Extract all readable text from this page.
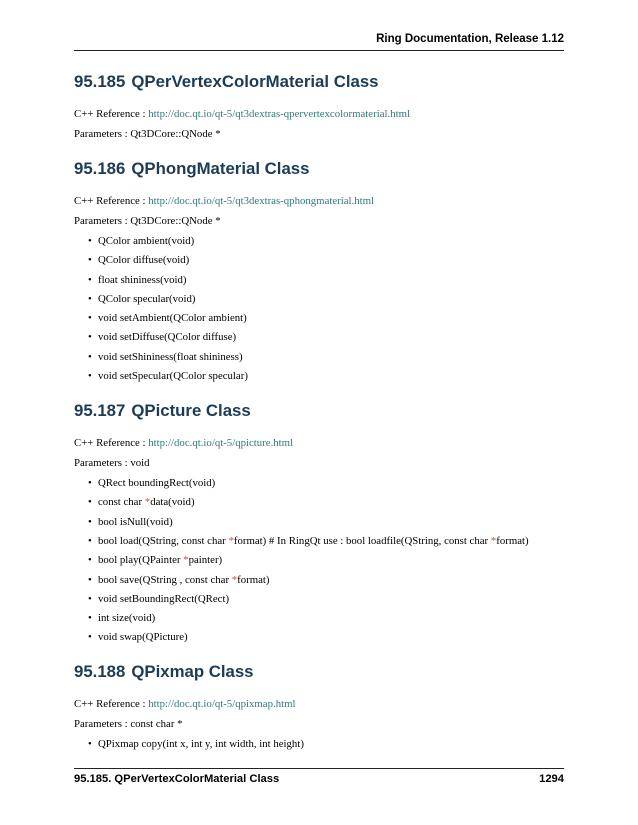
Ring Documentation, Release 1.12
95.185 QPerVertexColorMaterial Class

C++ Reference : http://doc.qt.io/qt-5/qt3dextras-qpervertexcolormaterial.html

Parameters : Qt3DCore::QNode *

95.186 QPhongMaterial Class

C++ Reference : http://doc.qt.io/qt-5/qt3dextras-qphongmaterial.html

Parameters : Qt3DCore::QNode *

• QColor ambient(void)
• QColor diffuse(void)
• float shininess(void)
• QColor specular(void)
• void setAmbient(QColor ambient)
• void setDiffuse(QColor diffuse)
• void setShininess(float shininess)
• void setSpecular(QColor specular)
95.187 QPicture Class

C++ Reference : http://doc.qt.io/qt-5/qpicture.html

Parameters : void

• QRect boundingRect(void)
• const char *data(void)
• bool isNull(void)
• bool load(QString, const char *format) # In RingQt use : bool loadfile(QString, const char *format)
• bool play(QPainter *painter)
• bool save(QString , const char *format)
• void setBoundingRect(QRect)
• int size(void)
• void swap(QPicture)
95.188 QPixmap Class

C++ Reference : http://doc.qt.io/qt-5/qpixmap.html

Parameters : const char *

• QPixmap copy(int x, int y, int width, int height)
95.185. QPerVertexColorMaterial Class	1294
